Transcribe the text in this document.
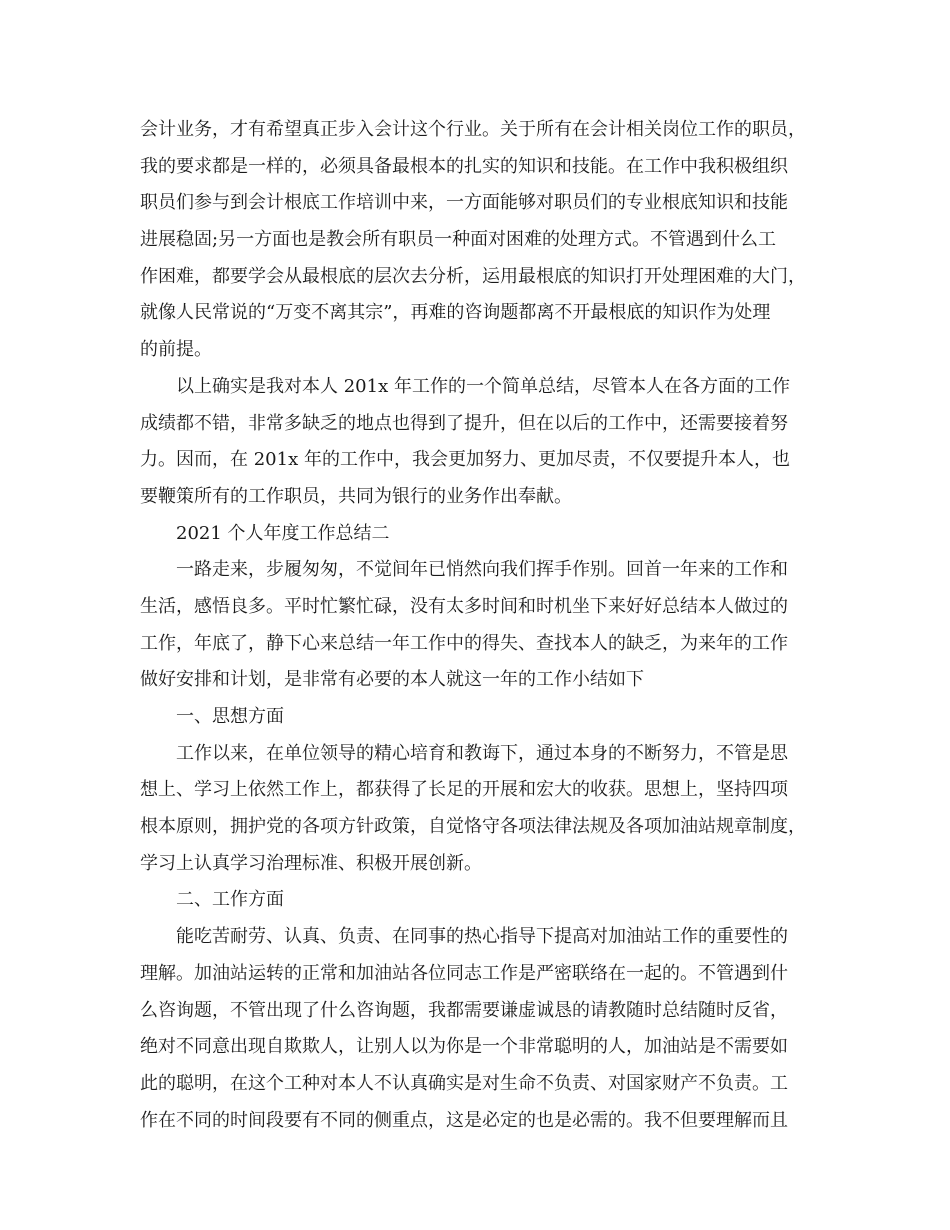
会计业务，才有希望真正步入会计这个行业。关于所有在会计相关岗位工作的职员，
我的要求都是一样的，必须具备最根本的扎实的知识和技能。在工作中我积极组织
职员们参与到会计根底工作培训中来，一方面能够对职员们的专业根底知识和技能
进展稳固;另一方面也是教会所有职员一种面对困难的处理方式。不管遇到什么工
作困难，都要学会从最根底的层次去分析，运用最根底的知识打开处理困难的大门，
就像人民常说的“万变不离其宗”，再难的咨询题都离不开最根底的知识作为处理
的前提。
以上确实是我对本人 201x 年工作的一个简单总结，尽管本人在各方面的工作
成绩都不错，非常多缺乏的地点也得到了提升，但在以后的工作中，还需要接着努
力。因而，在 201x 年的工作中，我会更加努力、更加尽责，不仅要提升本人，也
要鞭策所有的工作职员，共同为银行的业务作出奉献。
2021 个人年度工作总结二
一路走来，步履匆匆，不觉间年已悄然向我们挥手作别。回首一年来的工作和
生活，感悟良多。平时忙繁忙碌，没有太多时间和时机坐下来好好总结本人做过的
工作，年底了，静下心来总结一年工作中的得失、查找本人的缺乏，为来年的工作
做好安排和计划，是非常有必要的本人就这一年的工作小结如下
一、思想方面
工作以来，在单位领导的精心培育和教诲下，通过本身的不断努力，不管是思
想上、学习上依然工作上，都获得了长足的开展和宏大的收获。思想上，坚持四项
根本原则，拥护党的各项方针政策，自觉恪守各项法律法规及各项加油站规章制度，
学习上认真学习治理标准、积极开展创新。
二、工作方面
能吃苦耐劳、认真、负责、在同事的热心指导下提高对加油站工作的重要性的
理解。加油站运转的正常和加油站各位同志工作是严密联络在一起的。不管遇到什
么咨询题，不管出现了什么咨询题，我都需要谦虚诚恳的请教随时总结随时反省，
绝对不同意出现自欺欺人，让别人以为你是一个非常聪明的人，加油站是不需要如
此的聪明，在这个工种对本人不认真确实是对生命不负责、对国家财产不负责。工
作在不同的时间段要有不同的侧重点，这是必定的也是必需的。我不但要理解而且
